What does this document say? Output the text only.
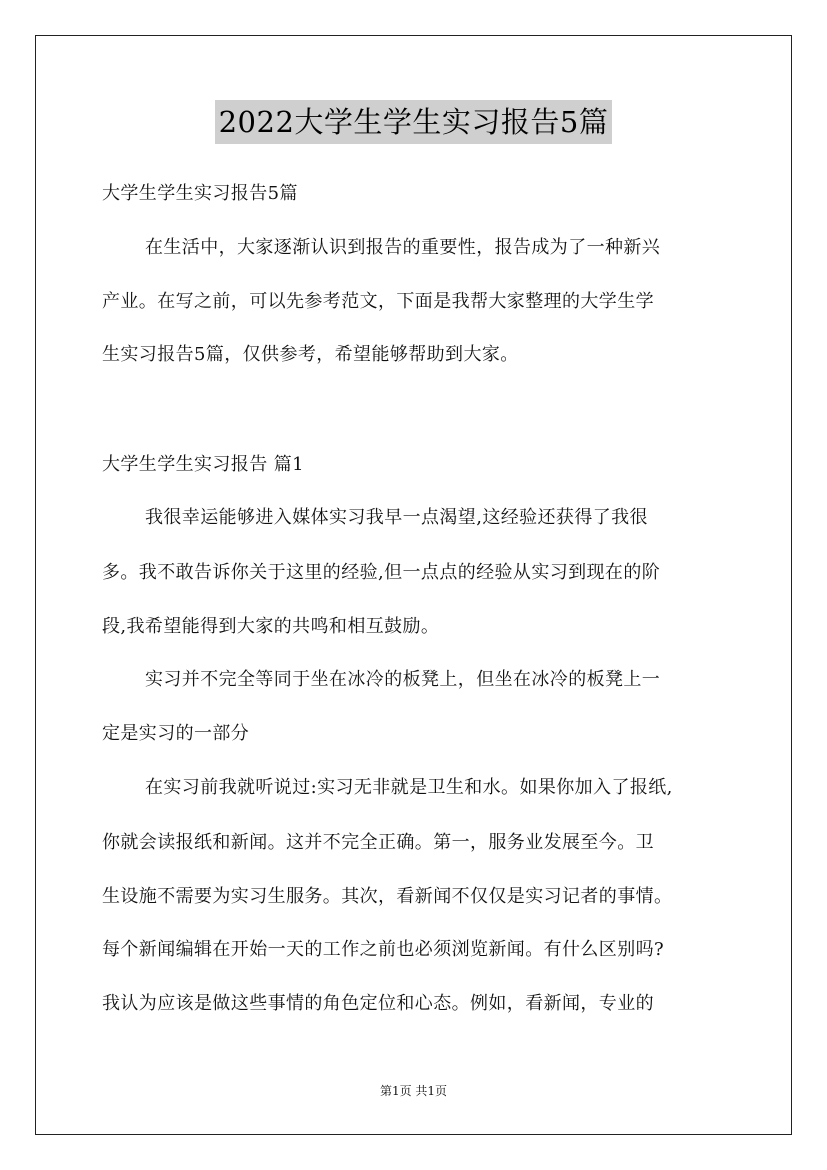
2022大学生学生实习报告5篇
大学生学生实习报告5篇
在生活中，大家逐渐认识到报告的重要性，报告成为了一种新兴
产业。在写之前，可以先参考范文，下面是我帮大家整理的大学生学
生实习报告5篇，仅供参考，希望能够帮助到大家。
大学生学生实习报告 篇1
我很幸运能够进入媒体实习我早一点渴望,这经验还获得了我很
多。我不敢告诉你关于这里的经验,但一点点的经验从实习到现在的阶
段,我希望能得到大家的共鸣和相互鼓励。
实习并不完全等同于坐在冰冷的板凳上，但坐在冰冷的板凳上一
定是实习的一部分
在实习前我就听说过:实习无非就是卫生和水。如果你加入了报纸,
你就会读报纸和新闻。这并不完全正确。第一，服务业发展至今。卫
生设施不需要为实习生服务。其次，看新闻不仅仅是实习记者的事情。
每个新闻编辑在开始一天的工作之前也必须浏览新闻。有什么区别吗?
我认为应该是做这些事情的角色定位和心态。例如，看新闻，专业的
第1页 共1页
